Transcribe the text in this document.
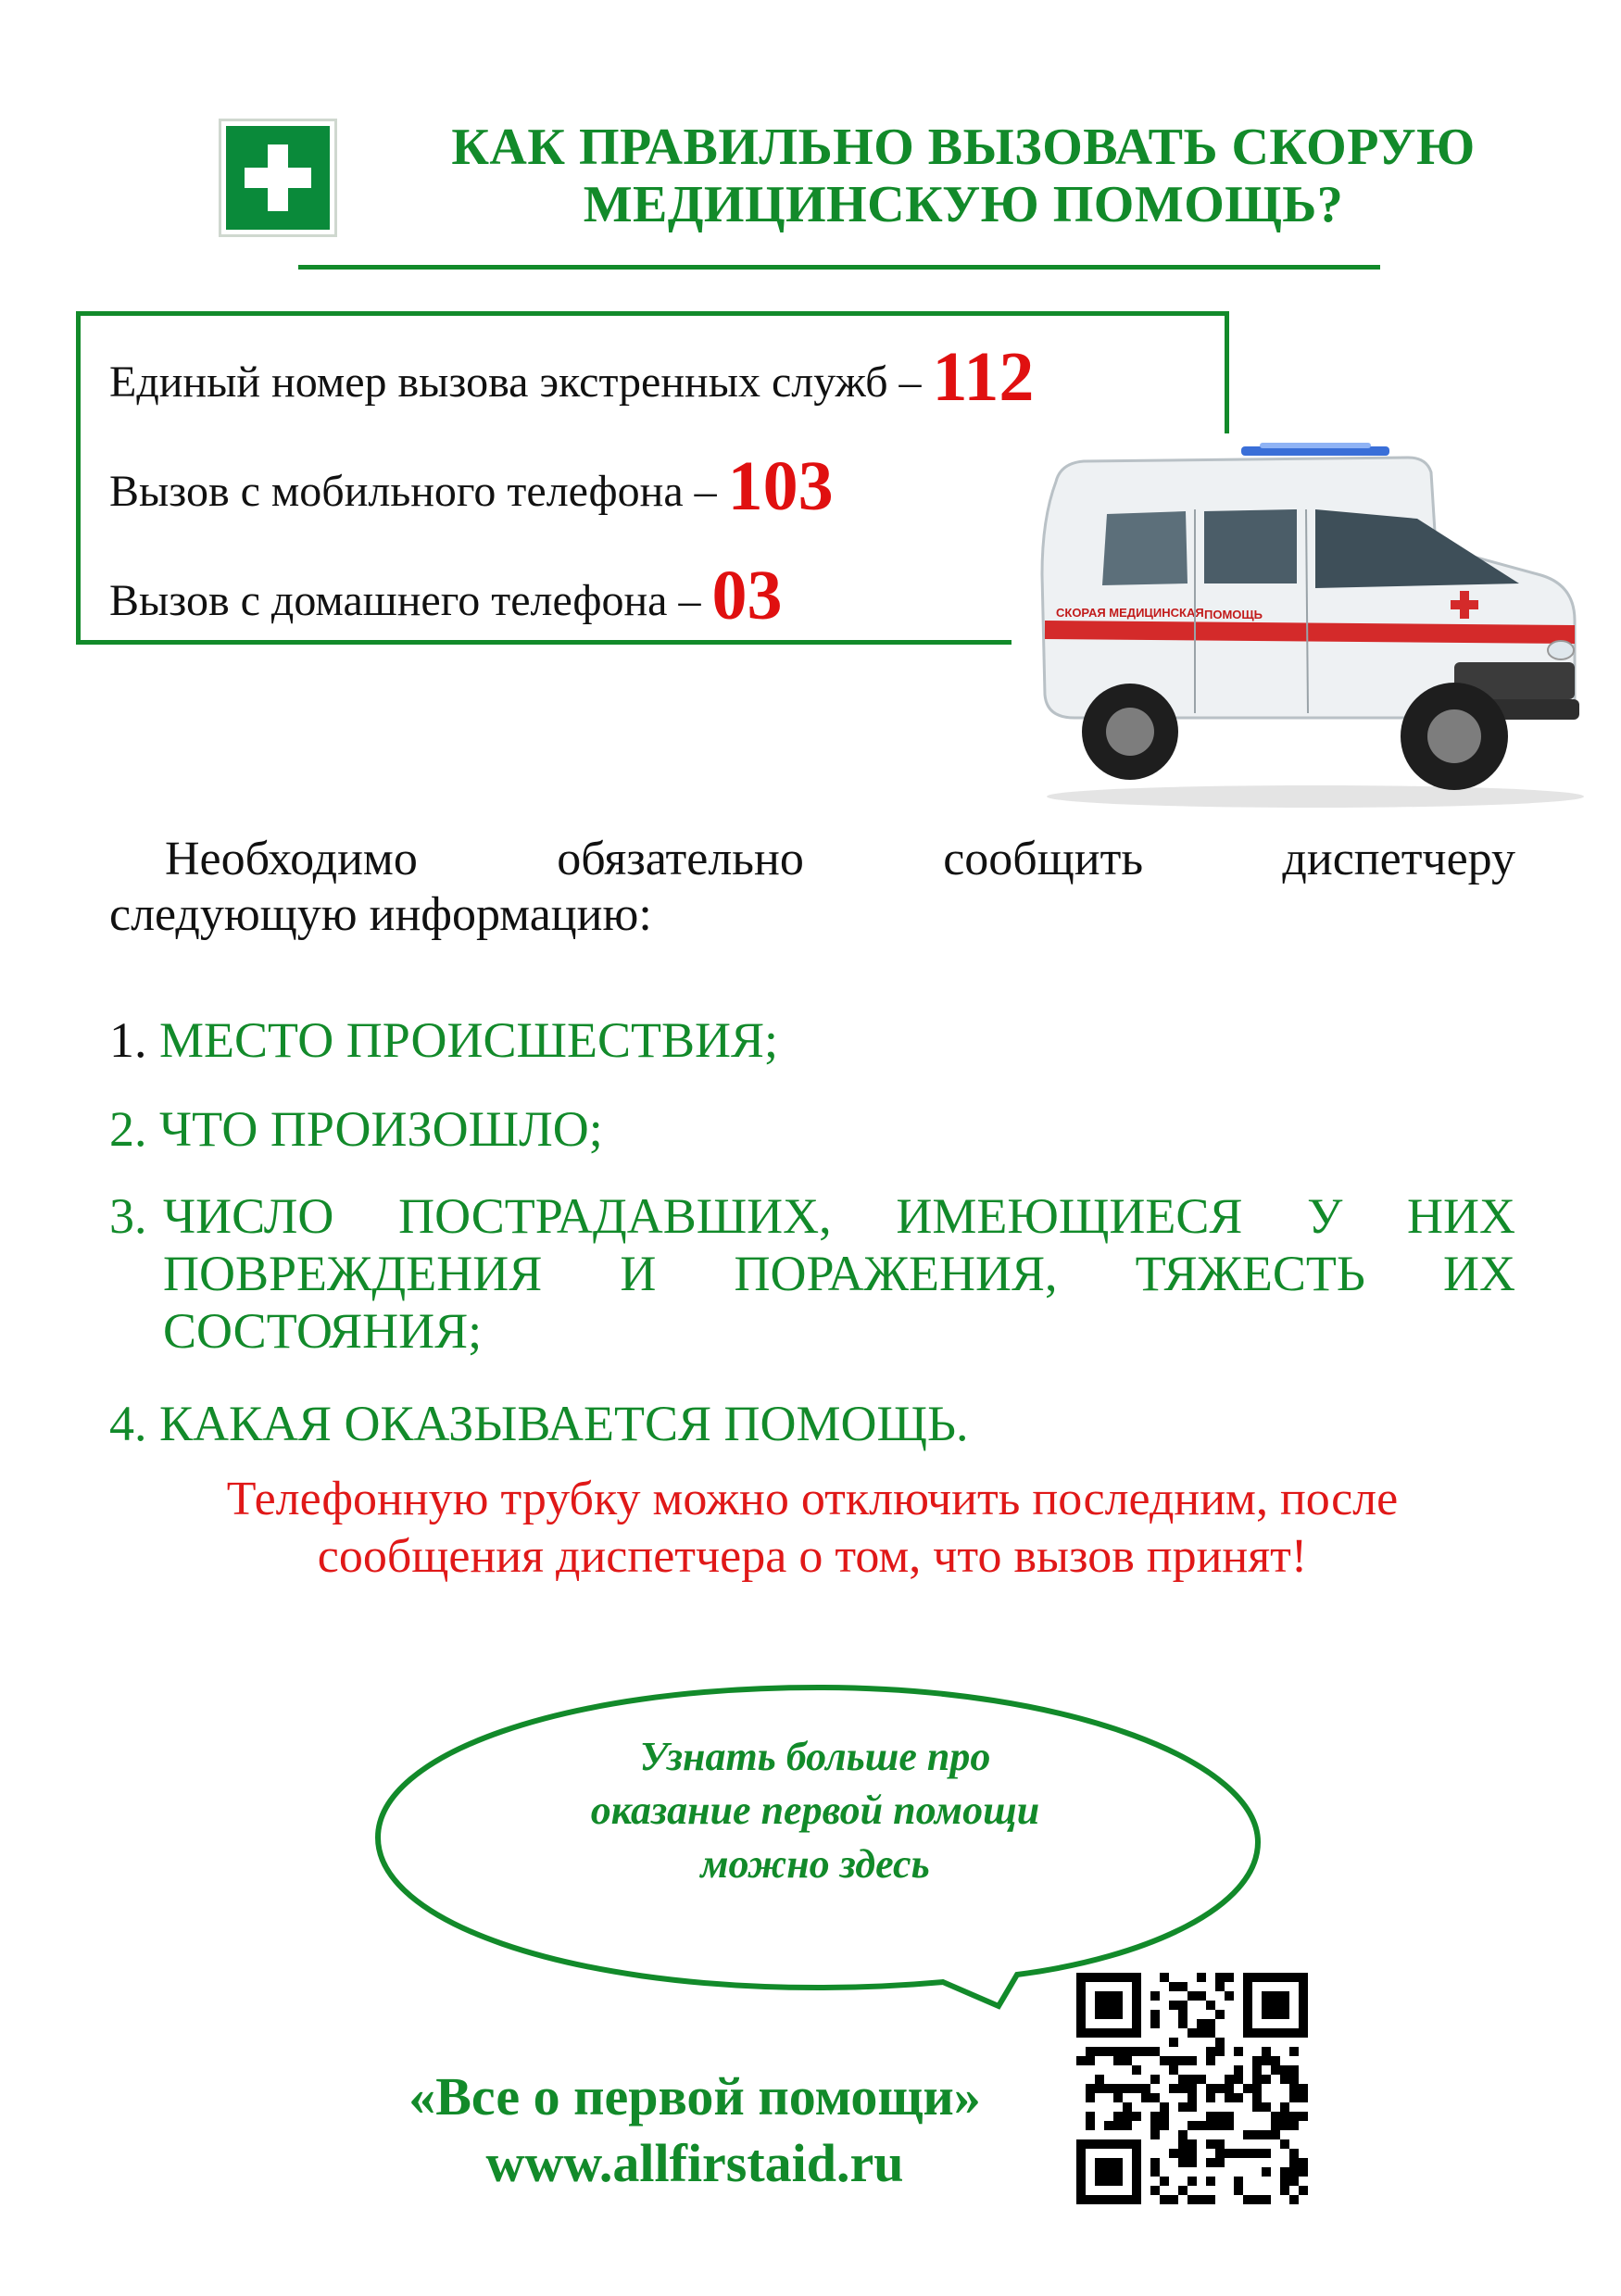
КАК ПРАВИЛЬНО ВЫЗОВАТЬ СКОРУЮ
МЕДИЦИНСКУЮ ПОМОЩЬ?
Единый номер вызова экстренных служб – 112
Вызов с мобильного телефона – 103
Вызов с домашнего телефона – 03	СКОРАЯ МЕДИЦИНСКАЯ ПОМОЩЬ
Необходимо	обязательно	сообщить	диспетчеру
следующую информацию:
1. МЕСТО ПРОИСШЕСТВИЯ;
2. ЧТО ПРОИЗОШЛО;
3. ЧИСЛО ПОСТРАДАВШИХ, ИМЕЮЩИЕСЯ У НИХ ПОВРЕЖДЕНИЯ И ПОРАЖЕНИЯ, ТЯЖЕСТЬ ИХ СОСТОЯНИЯ;
4. КАКАЯ ОКАЗЫВАЕТСЯ ПОМОЩЬ.
Телефонную трубку можно отключить последним, после
сообщения диспетчера о том, что вызов принят!
Узнать больше про
оказание первой помощи
можно здесь
«Все о первой помощи»
www.allfirstaid.ru
